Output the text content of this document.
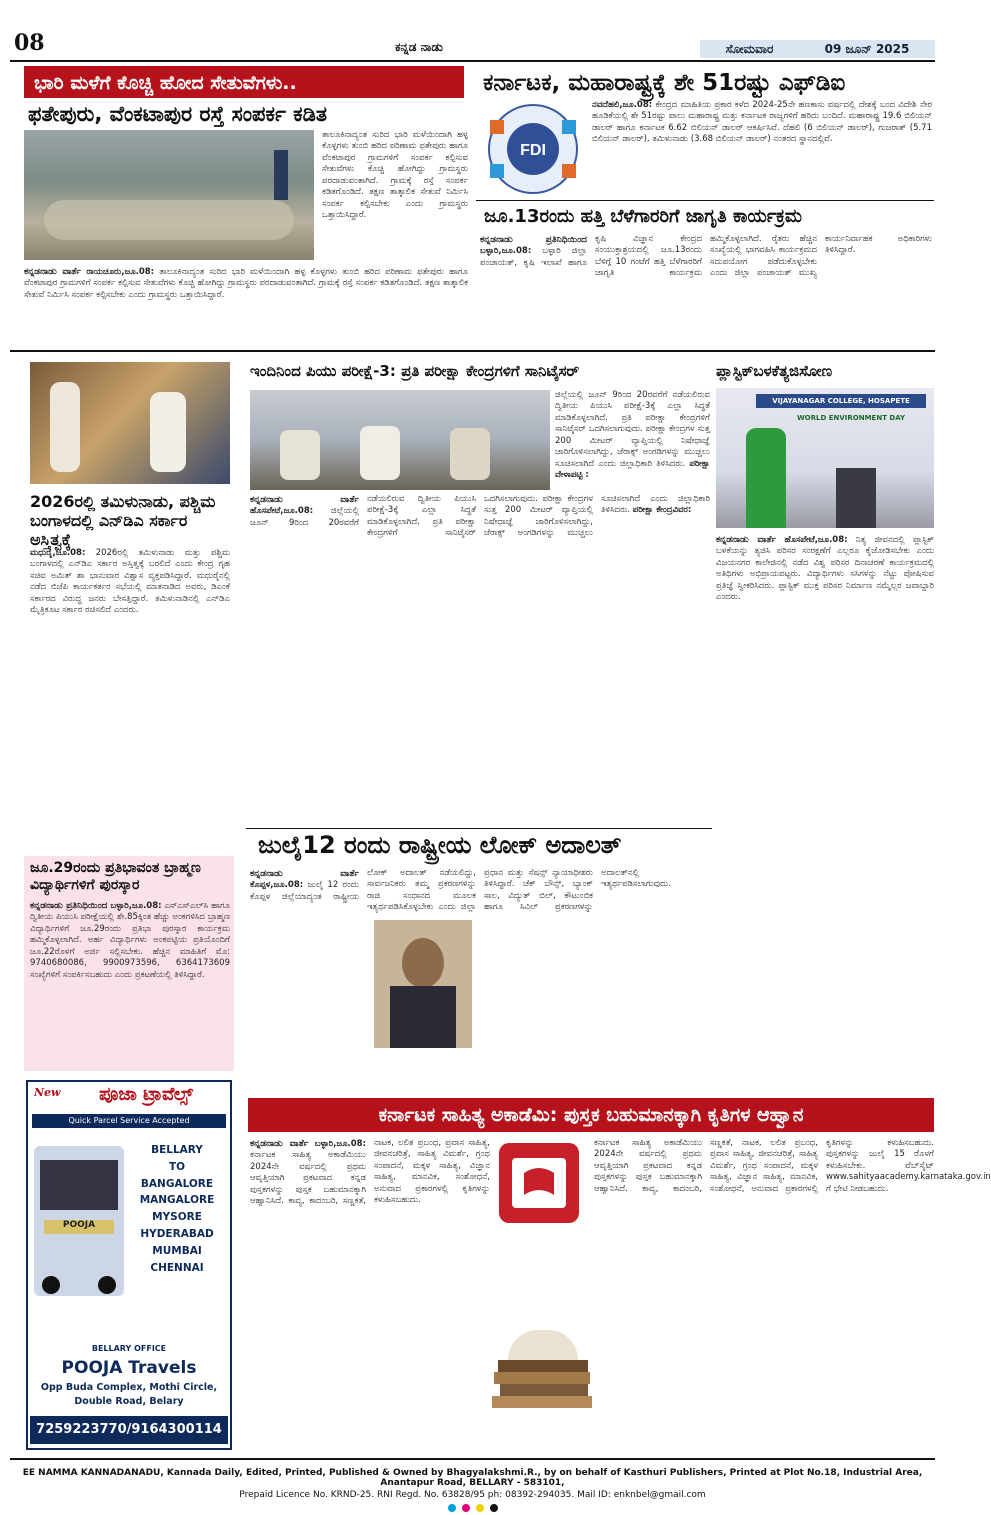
08	ಕನ್ನಡ ನಾಡು	ಸೋಮವಾರ	09 ಜೂನ್ 2025
ಭಾರಿ ಮಳೆಗೆ ಕೊಚ್ಚಿ ಹೋದ ಸೇತುವೆಗಳು..
ಫತೇಪುರು, ವೆಂಕಟಾಪುರ ರಸ್ತೆ ಸಂಪರ್ಕ ಕಡಿತ
ತಾಲೂಕಿನಾದ್ಯಂತ ಸುರಿದ ಭಾರಿ ಮಳೆಯಿಂದಾಗಿ ಹಳ್ಳ ಕೊಳ್ಳಗಳು ತುಂಬಿ ಹರಿದ ಪರಿಣಾಮ ಫತೇಪುರು ಹಾಗೂ ವೆಂಕಟಾಪುರ ಗ್ರಾಮಗಳಿಗೆ ಸಂಪರ್ಕ ಕಲ್ಪಿಸುವ ಸೇತುವೆಗಳು ಕೊಚ್ಚಿ ಹೋಗಿದ್ದು ಗ್ರಾಮಸ್ಥರು ಪರದಾಡುವಂತಾಗಿದೆ. ಗ್ರಾಮಕ್ಕೆ ರಸ್ತೆ ಸಂಪರ್ಕ ಕಡಿತಗೊಂಡಿದೆ. ತಕ್ಷಣ ತಾತ್ಕಾಲಿಕ ಸೇತುವೆ ನಿರ್ಮಿಸಿ ಸಂಪರ್ಕ ಕಲ್ಪಿಸಬೇಕು ಎಂದು ಗ್ರಾಮಸ್ಥರು ಒತ್ತಾಯಿಸಿದ್ದಾರೆ.
ಕನ್ನಡನಾಡು ವಾರ್ತೆ ರಾಯಚೂರು,ಜೂ.08: ತಾಲೂಕಿನಾದ್ಯಂತ ಸುರಿದ ಭಾರಿ ಮಳೆಯಿಂದಾಗಿ ಹಳ್ಳ ಕೊಳ್ಳಗಳು ತುಂಬಿ ಹರಿದ ಪರಿಣಾಮ ಫತೇಪುರು ಹಾಗೂ ವೆಂಕಟಾಪುರ ಗ್ರಾಮಗಳಿಗೆ ಸಂಪರ್ಕ ಕಲ್ಪಿಸುವ ಸೇತುವೆಗಳು ಕೊಚ್ಚಿ ಹೋಗಿದ್ದು ಗ್ರಾಮಸ್ಥರು ಪರದಾಡುವಂತಾಗಿದೆ. ಗ್ರಾಮಕ್ಕೆ ರಸ್ತೆ ಸಂಪರ್ಕ ಕಡಿತಗೊಂಡಿದೆ. ತಕ್ಷಣ ತಾತ್ಕಾಲಿಕ ಸೇತುವೆ ನಿರ್ಮಿಸಿ ಸಂಪರ್ಕ ಕಲ್ಪಿಸಬೇಕು ಎಂದು ಗ್ರಾಮಸ್ಥರು ಒತ್ತಾಯಿಸಿದ್ದಾರೆ.
ಕರ್ನಾಟಕ, ಮಹಾರಾಷ್ಟ್ರಕ್ಕೆ ಶೇ 51ರಷ್ಟು ಎಫ್‌ಡಿಐ
FDI
ನವದೆಹಲಿ,ಜೂ.08: ಕೇಂದ್ರದ ಮಾಹಿತಿಯ ಪ್ರಕಾರ ಕಳೆದ 2024-25ನೇ ಹಣಕಾಸು ವರ್ಷದಲ್ಲಿ ದೇಶಕ್ಕೆ ಬಂದ ವಿದೇಶಿ ನೇರ ಹೂಡಿಕೆಯಲ್ಲಿ ಶೇ 51ರಷ್ಟು ಪಾಲು ಮಹಾರಾಷ್ಟ್ರ ಮತ್ತು ಕರ್ನಾಟಕ ರಾಜ್ಯಗಳಿಗೆ ಹರಿದು ಬಂದಿದೆ. ಮಹಾರಾಷ್ಟ್ರ 19.6 ಬಿಲಿಯನ್ ಡಾಲರ್ ಹಾಗೂ ಕರ್ನಾಟಕ 6.62 ಬಿಲಿಯನ್ ಡಾಲರ್ ಆಕರ್ಷಿಸಿವೆ. ದೆಹಲಿ (6 ಬಿಲಿಯನ್ ಡಾಲರ್), ಗುಜರಾತ್ (5.71 ಬಿಲಿಯನ್ ಡಾಲರ್), ತಮಿಳುನಾಡು (3.68 ಬಿಲಿಯನ್ ಡಾಲರ್) ನಂತರದ ಸ್ಥಾನದಲ್ಲಿವೆ.
ಜೂ.13ರಂದು ಹತ್ತಿ ಬೆಳೆಗಾರರಿಗೆ ಜಾಗೃತಿ ಕಾರ್ಯಕ್ರಮ
ಕನ್ನಡನಾಡು ಪ್ರತಿನಿಧಿಯಿಂದ ಬಳ್ಳಾರಿ,ಜೂ.08: ಬಳ್ಳಾರಿ ಜಿಲ್ಲಾ ಪಂಚಾಯತ್, ಕೃಷಿ ಇಲಾಖೆ ಹಾಗೂ ಕೃಷಿ ವಿಜ್ಞಾನ ಕೇಂದ್ರದ ಸಂಯುಕ್ತಾಶ್ರಯದಲ್ಲಿ ಜೂ.13ರಂದು ಬೆಳಿಗ್ಗೆ 10 ಗಂಟೆಗೆ ಹತ್ತಿ ಬೆಳೆಗಾರರಿಗೆ ಜಾಗೃತಿ ಕಾರ್ಯಕ್ರಮ ಹಮ್ಮಿಕೊಳ್ಳಲಾಗಿದೆ. ರೈತರು ಹೆಚ್ಚಿನ ಸಂಖ್ಯೆಯಲ್ಲಿ ಭಾಗವಹಿಸಿ ಕಾರ್ಯಕ್ರಮದ ಸದುಪಯೋಗ ಪಡೆದುಕೊಳ್ಳಬೇಕು ಎಂದು ಜಿಲ್ಲಾ ಪಂಚಾಯತ್ ಮುಖ್ಯ ಕಾರ್ಯನಿರ್ವಾಹಕ ಅಧಿಕಾರಿಗಳು ತಿಳಿಸಿದ್ದಾರೆ.
2026ರಲ್ಲಿ ತಮಿಳುನಾಡು, ಪಶ್ಚಿಮ ಬಂಗಾಳದಲ್ಲಿ ಎನ್‌ಡಿಎ ಸರ್ಕಾರ ಅಸ್ತಿತ್ವಕ್ಕೆ
ಮಧುರೈ,ಜೂ.08: 2026ರಲ್ಲಿ ತಮಿಳುನಾಡು ಮತ್ತು ಪಶ್ಚಿಮ ಬಂಗಾಳದಲ್ಲಿ ಎನ್‌ಡಿಎ ಸರ್ಕಾರ ಅಸ್ತಿತ್ವಕ್ಕೆ ಬರಲಿದೆ ಎಂದು ಕೇಂದ್ರ ಗೃಹ ಸಚಿವ ಅಮಿತ್ ಶಾ ಭಾನುವಾರ ವಿಶ್ವಾಸ ವ್ಯಕ್ತಪಡಿಸಿದ್ದಾರೆ. ಮಧುರೈನಲ್ಲಿ ನಡೆದ ಬಿಜೆಪಿ ಕಾರ್ಯಕರ್ತರ ಸಭೆಯಲ್ಲಿ ಮಾತನಾಡಿದ ಅವರು, ಡಿಎಂಕೆ ಸರ್ಕಾರದ ವಿರುದ್ಧ ಜನರು ಬೇಸತ್ತಿದ್ದಾರೆ. ತಮಿಳುನಾಡಿನಲ್ಲಿ ಎನ್‌ಡಿಎ ಮೈತ್ರಿಕೂಟ ಸರ್ಕಾರ ರಚಿಸಲಿದೆ ಎಂದರು.
ಜೂ.29ರಂದು ಪ್ರತಿಭಾವಂತ ಬ್ರಾಹ್ಮಣ ವಿದ್ಯಾರ್ಥಿಗಳಿಗೆ ಪುರಸ್ಕಾರ
ಕನ್ನಡನಾಡು ಪ್ರತಿನಿಧಿಯಿಂದ ಬಳ್ಳಾರಿ,ಜೂ.08: ಎಸ್‌ಎಸ್‌ಎಲ್‌ಸಿ ಹಾಗೂ ದ್ವಿತೀಯ ಪಿಯುಸಿ ಪರೀಕ್ಷೆಯಲ್ಲಿ ಶೇ.85ಕ್ಕಿಂತ ಹೆಚ್ಚು ಅಂಕಗಳಿಸಿದ ಬ್ರಾಹ್ಮಣ ವಿದ್ಯಾರ್ಥಿಗಳಿಗೆ ಜೂ.29ರಂದು ಪ್ರತಿಭಾ ಪುರಸ್ಕಾರ ಕಾರ್ಯಕ್ರಮ ಹಮ್ಮಿಕೊಳ್ಳಲಾಗಿದೆ. ಅರ್ಹ ವಿದ್ಯಾರ್ಥಿಗಳು ಅಂಕಪಟ್ಟಿಯ ಪ್ರತಿಯೊಂದಿಗೆ ಜೂ.22ರೊಳಗೆ ಅರ್ಜಿ ಸಲ್ಲಿಸಬೇಕು. ಹೆಚ್ಚಿನ ಮಾಹಿತಿಗೆ ಮೊ: 9740680086, 9900973596, 6364173609 ಸಂಖ್ಯೆಗಳಿಗೆ ಸಂಪರ್ಕಿಸಬಹುದು ಎಂದು ಪ್ರಕಟಣೆಯಲ್ಲಿ ತಿಳಿಸಿದ್ದಾರೆ.
New	ಪೂಜಾ ಟ್ರಾವೆಲ್ಸ್
Quick Parcel Service Accepted
POOJA
BELLARY
TO
BANGALORE
MANGALORE
MYSORE
HYDERABAD
MUMBAI
CHENNAI
BELLARY OFFICE
POOJA Travels
Opp Buda Complex, Mothi Circle,
Double Road, Belary
7259223770/9164300114
ಇಂದಿನಿಂದ ಪಿಯು ಪರೀಕ್ಷೆ-3: ಪ್ರತಿ ಪರೀಕ್ಷಾ ಕೇಂದ್ರಗಳಿಗೆ ಸಾನಿಟೈಸರ್
ಜಿಲ್ಲೆಯಲ್ಲಿ ಜೂನ್ 9ರಿಂದ 20ರವರೆಗೆ ನಡೆಯಲಿರುವ ದ್ವಿತೀಯ ಪಿಯುಸಿ ಪರೀಕ್ಷೆ-3ಕ್ಕೆ ಎಲ್ಲಾ ಸಿದ್ಧತೆ ಮಾಡಿಕೊಳ್ಳಲಾಗಿದೆ. ಪ್ರತಿ ಪರೀಕ್ಷಾ ಕೇಂದ್ರಗಳಿಗೆ ಸಾನಿಟೈಸರ್ ಒದಗಿಸಲಾಗುವುದು. ಪರೀಕ್ಷಾ ಕೇಂದ್ರಗಳ ಸುತ್ತ 200 ಮೀಟರ್ ವ್ಯಾಪ್ತಿಯಲ್ಲಿ ನಿಷೇಧಾಜ್ಞೆ ಜಾರಿಗೊಳಿಸಲಾಗಿದ್ದು, ಜೆರಾಕ್ಸ್ ಅಂಗಡಿಗಳನ್ನು ಮುಚ್ಚಲು ಸೂಚಿಸಲಾಗಿದೆ ಎಂದು ಜಿಲ್ಲಾಧಿಕಾರಿ ತಿಳಿಸಿದರು. ಪರೀಕ್ಷಾ ವೇಳಾಪಟ್ಟಿ :
ಕನ್ನಡನಾಡು ವಾರ್ತೆ ಹೊಸಪೇಟೆ,ಜೂ.08: ಜಿಲ್ಲೆಯಲ್ಲಿ ಜೂನ್ 9ರಿಂದ 20ರವರೆಗೆ ನಡೆಯಲಿರುವ ದ್ವಿತೀಯ ಪಿಯುಸಿ ಪರೀಕ್ಷೆ-3ಕ್ಕೆ ಎಲ್ಲಾ ಸಿದ್ಧತೆ ಮಾಡಿಕೊಳ್ಳಲಾಗಿದೆ. ಪ್ರತಿ ಪರೀಕ್ಷಾ ಕೇಂದ್ರಗಳಿಗೆ ಸಾನಿಟೈಸರ್ ಒದಗಿಸಲಾಗುವುದು. ಪರೀಕ್ಷಾ ಕೇಂದ್ರಗಳ ಸುತ್ತ 200 ಮೀಟರ್ ವ್ಯಾಪ್ತಿಯಲ್ಲಿ ನಿಷೇಧಾಜ್ಞೆ ಜಾರಿಗೊಳಿಸಲಾಗಿದ್ದು, ಜೆರಾಕ್ಸ್ ಅಂಗಡಿಗಳನ್ನು ಮುಚ್ಚಲು ಸೂಚಿಸಲಾಗಿದೆ ಎಂದು ಜಿಲ್ಲಾಧಿಕಾರಿ ತಿಳಿಸಿದರು. ಪರೀಕ್ಷಾ ಕೇಂದ್ರವಿವರ:
ಪ್ಲಾಸ್ಟಿಕ್‌ಬಳಕೆತ್ಯಜಿಸೋಣ
VIJAYANAGAR COLLEGE, HOSAPETE
WORLD ENVIRONMENT DAY
ಕನ್ನಡನಾಡು ವಾರ್ತೆ ಹೊಸಪೇಟೆ,ಜೂ.08: ನಿತ್ಯ ಜೀವನದಲ್ಲಿ ಪ್ಲಾಸ್ಟಿಕ್ ಬಳಕೆಯನ್ನು ತ್ಯಜಿಸಿ ಪರಿಸರ ಸಂರಕ್ಷಣೆಗೆ ಎಲ್ಲರೂ ಕೈಜೋಡಿಸಬೇಕು ಎಂದು ವಿಜಯನಗರ ಕಾಲೇಜಿನಲ್ಲಿ ನಡೆದ ವಿಶ್ವ ಪರಿಸರ ದಿನಾಚರಣೆ ಕಾರ್ಯಕ್ರಮದಲ್ಲಿ ಅತಿಥಿಗಳು ಅಭಿಪ್ರಾಯಪಟ್ಟರು. ವಿದ್ಯಾರ್ಥಿಗಳು ಸಸಿಗಳನ್ನು ನೆಟ್ಟು ಪೋಷಿಸುವ ಪ್ರತಿಜ್ಞೆ ಸ್ವೀಕರಿಸಿದರು. ಪ್ಲಾಸ್ಟಿಕ್ ಮುಕ್ತ ಪರಿಸರ ನಿರ್ಮಾಣ ನಮ್ಮೆಲ್ಲರ ಜವಾಬ್ದಾರಿ ಎಂದರು.
ಜುಲೈ12 ರಂದು ರಾಷ್ಟ್ರೀಯ ಲೋಕ್ ಅದಾಲತ್
ಕನ್ನಡನಾಡು ವಾರ್ತೆ ಕೊಪ್ಪಳ,ಜೂ.08: ಜುಲೈ 12 ರಂದು ಕೊಪ್ಪಳ ಜಿಲ್ಲೆಯಾದ್ಯಂತ ರಾಷ್ಟ್ರೀಯ ಲೋಕ್ ಅದಾಲತ್ ನಡೆಯಲಿದ್ದು, ಸಾರ್ವಜನಿಕರು ತಮ್ಮ ಪ್ರಕರಣಗಳನ್ನು ರಾಜಿ ಸಂಧಾನದ ಮೂಲಕ ಇತ್ಯರ್ಥಪಡಿಸಿಕೊಳ್ಳಬೇಕು ಎಂದು ಜಿಲ್ಲಾ ಪ್ರಧಾನ ಮತ್ತು ಸೆಷನ್ಸ್ ನ್ಯಾಯಾಧೀಶರು ತಿಳಿಸಿದ್ದಾರೆ. ಚೆಕ್ ಬೌನ್ಸ್, ಬ್ಯಾಂಕ್ ಸಾಲ, ವಿದ್ಯುತ್ ಬಿಲ್, ಕೌಟುಂಬಿಕ ಹಾಗೂ ಸಿವಿಲ್ ಪ್ರಕರಣಗಳನ್ನು ಅದಾಲತ್‌ನಲ್ಲಿ ಇತ್ಯರ್ಥಪಡಿಸಲಾಗುವುದು.
ಕರ್ನಾಟಕ ಸಾಹಿತ್ಯ ಅಕಾಡೆಮಿ: ಪುಸ್ತಕ ಬಹುಮಾನಕ್ಕಾಗಿ ಕೃತಿಗಳ ಆಹ್ವಾನ
ಕನ್ನಡನಾಡು ವಾರ್ತೆ ಬಳ್ಳಾರಿ,ಜೂ.08: ಕರ್ನಾಟಕ ಸಾಹಿತ್ಯ ಅಕಾಡೆಮಿಯು 2024ನೇ ವರ್ಷದಲ್ಲಿ ಪ್ರಥಮ ಆವೃತ್ತಿಯಾಗಿ ಪ್ರಕಟವಾದ ಕನ್ನಡ ಪುಸ್ತಕಗಳನ್ನು ಪುಸ್ತಕ ಬಹುಮಾನಕ್ಕಾಗಿ ಆಹ್ವಾನಿಸಿದೆ. ಕಾವ್ಯ, ಕಾದಂಬರಿ, ಸಣ್ಣಕತೆ, ನಾಟಕ, ಲಲಿತ ಪ್ರಬಂಧ, ಪ್ರವಾಸ ಸಾಹಿತ್ಯ, ಜೀವನಚರಿತ್ರೆ, ಸಾಹಿತ್ಯ ವಿಮರ್ಶೆ, ಗ್ರಂಥ ಸಂಪಾದನೆ, ಮಕ್ಕಳ ಸಾಹಿತ್ಯ, ವಿಜ್ಞಾನ ಸಾಹಿತ್ಯ, ಮಾನವಿಕ, ಸಂಶೋಧನೆ, ಅನುವಾದ ಪ್ರಕಾರಗಳಲ್ಲಿ ಕೃತಿಗಳನ್ನು ಕಳುಹಿಸಬಹುದು.
ಕರ್ನಾಟಕ ಸಾಹಿತ್ಯ ಅಕಾಡೆಮಿಯು 2024ನೇ ವರ್ಷದಲ್ಲಿ ಪ್ರಥಮ ಆವೃತ್ತಿಯಾಗಿ ಪ್ರಕಟವಾದ ಕನ್ನಡ ಪುಸ್ತಕಗಳನ್ನು ಪುಸ್ತಕ ಬಹುಮಾನಕ್ಕಾಗಿ ಆಹ್ವಾನಿಸಿದೆ. ಕಾವ್ಯ, ಕಾದಂಬರಿ, ಸಣ್ಣಕತೆ, ನಾಟಕ, ಲಲಿತ ಪ್ರಬಂಧ, ಪ್ರವಾಸ ಸಾಹಿತ್ಯ, ಜೀವನಚರಿತ್ರೆ, ಸಾಹಿತ್ಯ ವಿಮರ್ಶೆ, ಗ್ರಂಥ ಸಂಪಾದನೆ, ಮಕ್ಕಳ ಸಾಹಿತ್ಯ, ವಿಜ್ಞಾನ ಸಾಹಿತ್ಯ, ಮಾನವಿಕ, ಸಂಶೋಧನೆ, ಅನುವಾದ ಪ್ರಕಾರಗಳಲ್ಲಿ ಕೃತಿಗಳನ್ನು ಕಳುಹಿಸಬಹುದು. ಪುಸ್ತಕಗಳನ್ನು ಜುಲೈ 15 ರೊಳಗೆ ಕಳುಹಿಸಬೇಕು. ವೆಬ್‌ಸೈಟ್ www.sahityaacademy.karnataka.gov.in ಗೆ ಭೇಟಿ ನೀಡಬಹುದು.
EE NAMMA KANNADANADU, Kannada Daily, Edited, Printed, Published & Owned by Bhagyalakshmi.R., by on behalf of Kasthuri Publishers, Printed at Plot No.18, Industrial Area, Anantapur Road, BELLARY - 583101,
Prepaid Licence No. KRND-25. RNI Regd. No. 63828/95 ph: 08392-294035. Mail ID: enknbel@gmail.com
